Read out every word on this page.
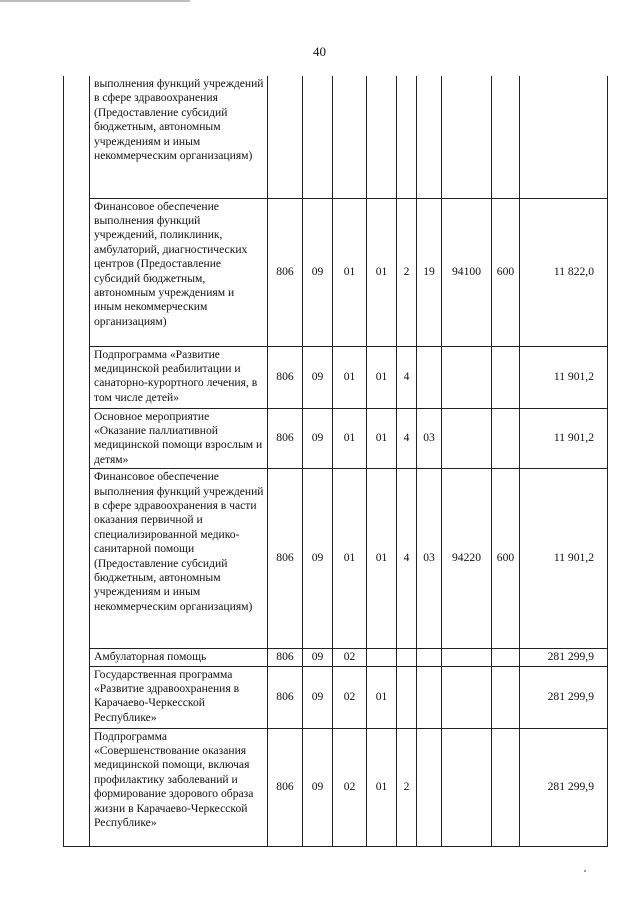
40
	выполнения функций учреждений в сфере здравоохранения (Предоставление субсидий бюджетным, автономным учреждениям и иным некоммерческим организациям)									
	Финансовое обеспечение выполнения функций учреждений, поликлиник, амбулаторий, диагностических центров (Предоставление субсидий бюджетным, автономным учреждениям и иным некоммерческим организациям)	806	09	01	01	2	19	94100	600	11 822,0
	Подпрограмма «Развитие медицинской реабилитации и санаторно-курортного лечения, в том числе детей»	806	09	01	01	4				11 901,2
	Основное мероприятие «Оказание паллиативной медицинской помощи взрослым и детям»	806	09	01	01	4	03			11 901,2
	Финансовое обеспечение выполнения функций учреждений в сфере здравоохранения в части оказания первичной и специализированной медико-санитарной помощи (Предоставление субсидий бюджетным, автономным учреждениям и иным некоммерческим организациям)	806	09	01	01	4	03	94220	600	11 901,2
	Амбулаторная помощь	806	09	02						281 299,9
	Государственная программа «Развитие здравоохранения в Карачаево-Черкесской Республике»	806	09	02	01					281 299,9
	Подпрограмма «Совершенствование оказания медицинской помощи, включая профилактику заболеваний и формирование здорового образа жизни в Карачаево-Черкесской Республике»	806	09	02	01	2				281 299,9
